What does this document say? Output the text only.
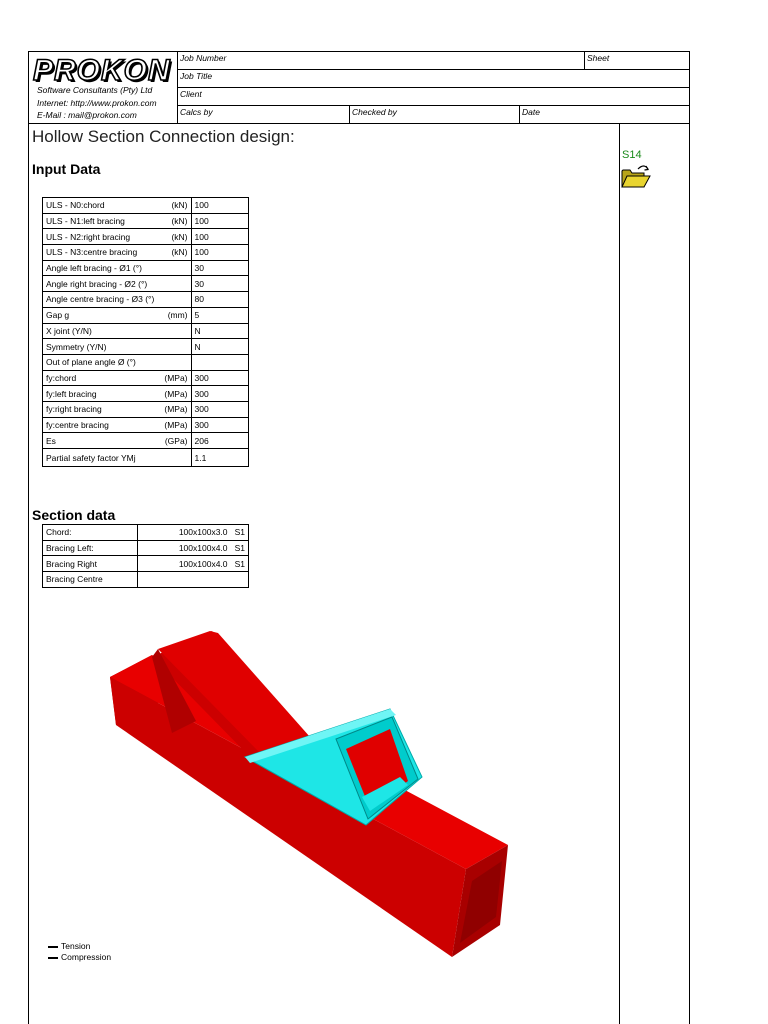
PROKON
Software Consultants (Pty) Ltd
Internet: http://www.prokon.com
E-Mail : mail@prokon.com
Job Number	Sheet
Job Title
Client
Calcs by	Checked by	Date
Hollow Section Connection design:
Input Data
ULS - N0:chord (kN)	100
ULS - N1:left bracing (kN)	100
ULS - N2:right bracing (kN)	100
ULS - N3:centre bracing (kN)	100
Angle left bracing - Ø1 (°)	30
Angle right bracing - Ø2 (°)	30
Angle centre bracing - Ø3 (°)	80
Gap g (mm)	5
X joint (Y/N)	N
Symmetry (Y/N)	N
Out of plane angle Ø (°)

fy:chord (MPa)	300
fy:left bracing (MPa)	300
fy:right bracing (MPa)	300
fy:centre bracing (MPa)	300
Es (GPa)	206
Partial safety factor YMj	1.1
Section data
Chord:	100x100x3.0   S1
Bracing Left:	100x100x4.0   S1
Bracing Right	100x100x4.0   S1
Bracing Centre	
S14
Tension
Compression
